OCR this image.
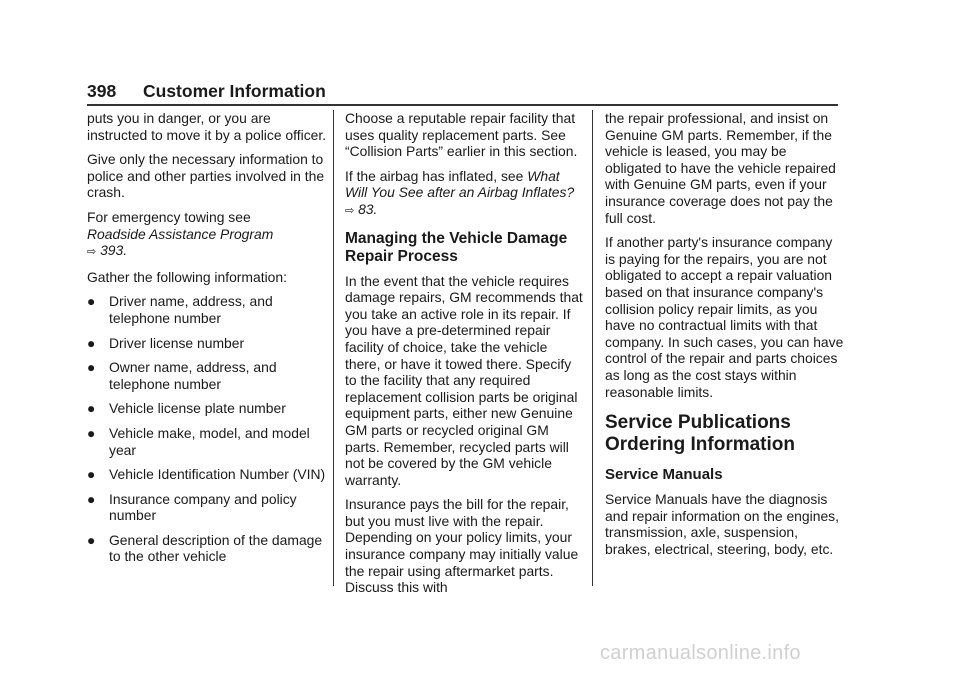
398 Customer Information

puts you in danger, or you are instructed to move it by a police officer.

Give only the necessary information to police and other parties involved in the crash.

For emergency towing see
Roadside Assistance Program
⇨ 393.

Gather the following information:

● Driver name, address, and telephone number
● Driver license number
● Owner name, address, and telephone number
● Vehicle license plate number
● Vehicle make, model, and model year
● Vehicle Identification Number (VIN)
● Insurance company and policy number
● General description of the damage to the other vehicle

Choose a reputable repair facility that uses quality replacement parts. See “Collision Parts” earlier in this section.

If the airbag has inflated, see What Will You See after an Airbag Inflates? ⇨ 83.

Managing the Vehicle Damage Repair Process

In the event that the vehicle requires damage repairs, GM recommends that you take an active role in its repair. If you have a pre-determined repair facility of choice, take the vehicle there, or have it towed there. Specify to the facility that any required replacement collision parts be original equipment parts, either new Genuine GM parts or recycled original GM parts. Remember, recycled parts will not be covered by the GM vehicle warranty.

Insurance pays the bill for the repair, but you must live with the repair. Depending on your policy limits, your insurance company may initially value the repair using aftermarket parts. Discuss this with

the repair professional, and insist on Genuine GM parts. Remember, if the vehicle is leased, you may be obligated to have the vehicle repaired with Genuine GM parts, even if your insurance coverage does not pay the full cost.

If another party's insurance company is paying for the repairs, you are not obligated to accept a repair valuation based on that insurance company's collision policy repair limits, as you have no contractual limits with that company. In such cases, you can have control of the repair and parts choices as long as the cost stays within reasonable limits.

Service Publications Ordering Information
Service Manuals

Service Manuals have the diagnosis and repair information on the engines, transmission, axle, suspension, brakes, electrical, steering, body, etc.

carmanualsonline.info
